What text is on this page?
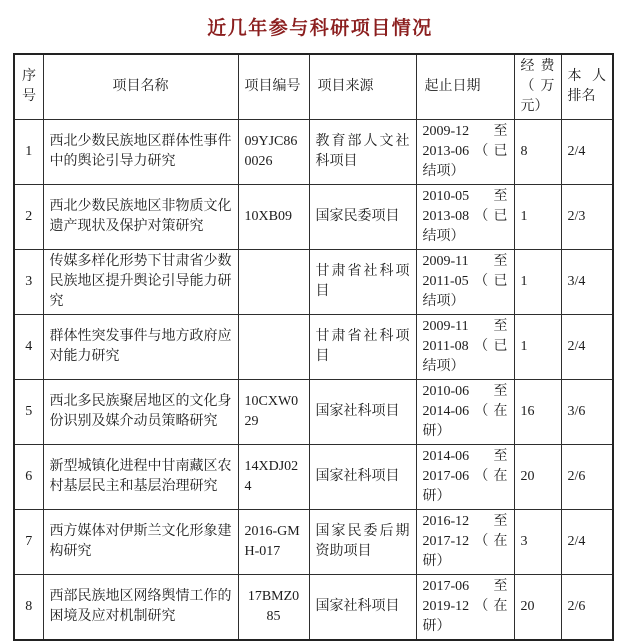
近几年参与科研项目情况
序号	项目名称	项目编号	项目来源	起止日期	经费（万元）	本人排名
1	西北少数民族地区群体性事件中的舆论引导力研究	09YJC860026	教育部人文社科项目	2009-12 至 2013-06（已结项）	8	2/4
2	西北少数民族地区非物质文化遗产现状及保护对策研究	10XB09	国家民委项目	2010-05 至 2013-08（已结项）	1	2/3
3	传媒多样化形势下甘肃省少数民族地区提升舆论引导能力研究		甘肃省社科项目	2009-11 至 2011-05（已结项）	1	3/4
4	群体性突发事件与地方政府应对能力研究		甘肃省社科项目	2009-11 至 2011-08（已结项）	1	2/4
5	西北多民族聚居地区的文化身份识别及媒介动员策略研究	10CXW029	国家社科项目	2010-06 至 2014-06（在研）	16	3/6
6	新型城镇化进程中甘南藏区农村基层民主和基层治理研究	14XDJ024	国家社科项目	2014-06 至 2017-06（在研）	20	2/6
7	西方媒体对伊斯兰文化形象建构研究	2016-GMH-017	国家民委后期资助项目	2016-12 至 2017-12（在研）	3	2/4
8	西部民族地区网络舆情工作的困境及应对机制研究	17BMZ085	国家社科项目	2017-06 至 2019-12（在研）	20	2/6
